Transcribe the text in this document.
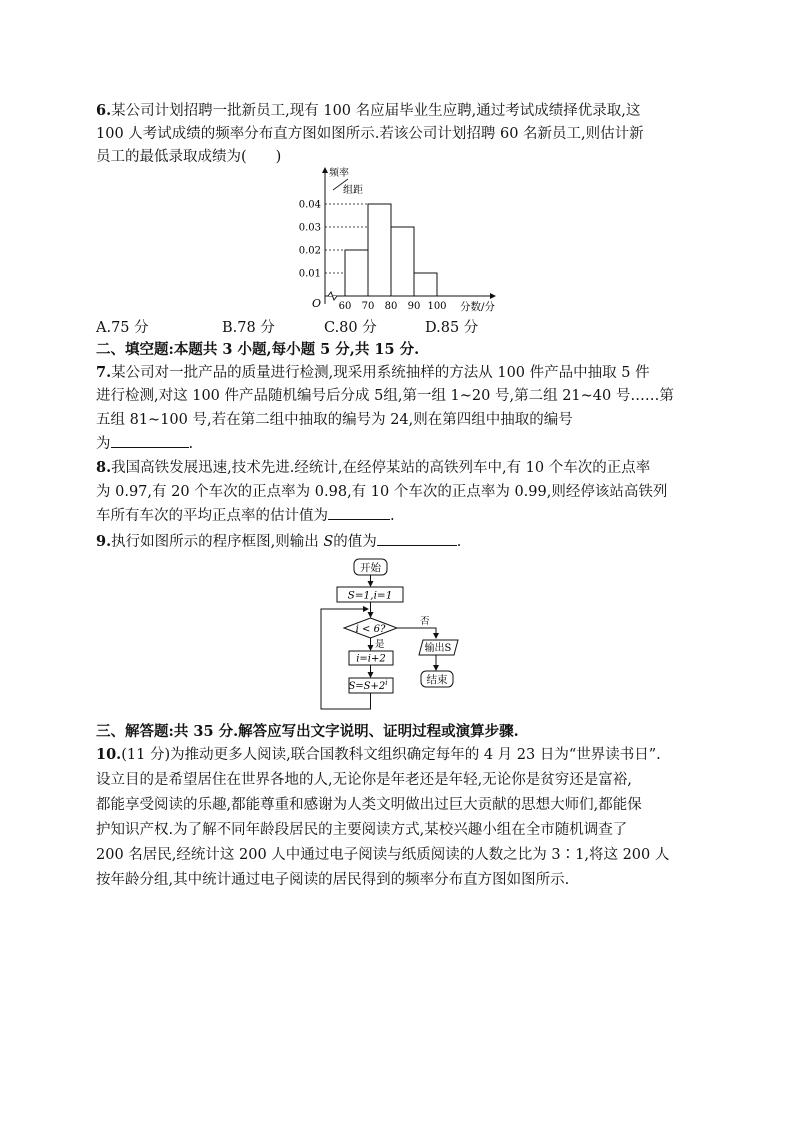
6.某公司计划招聘一批新员工,现有 100 名应届毕业生应聘,通过考试成绩择优录取,这
100 人考试成绩的频率分布直方图如图所示.若该公司计划招聘 60 名新员工,则估计新
员工的最低录取成绩为(　　)
频率
组距
O	分数/分
0.01
0.02
0.03
0.04
60 70 80 90 100
A.75 分	B.78 分	C.80 分	D.85 分
二、填空题:本题共 3 小题,每小题 5 分,共 15 分.
7.某公司对一批产品的质量进行检测,现采用系统抽样的方法从 100 件产品中抽取 5 件
进行检测,对这 100 件产品随机编号后分成 5组,第一组 1~20 号,第二组 21~40 号……第
五组 81~100 号,若在第二组中抽取的编号为 24,则在第四组中抽取的编号
为	.
8.我国高铁发展迅速,技术先进.经统计,在经停某站的高铁列车中,有 10 个车次的正点率
为 0.97,有 20 个车次的正点率为 0.98,有 10 个车次的正点率为 0.99,则经停该站高铁列
车所有车次的平均正点率的估计值为	.
9.执行如图所示的程序框图,则输出 S的值为	.
开始
S=1,i=1
i < 6?
否
输出S
结束
是
i=i+2
$S=S+2^i$
三、解答题:共 35 分.解答应写出文字说明、证明过程或演算步骤.
10.(11 分)为推动更多人阅读,联合国教科文组织确定每年的 4 月 23 日为“世界读书日”.
设立目的是希望居住在世界各地的人,无论你是年老还是年轻,无论你是贫穷还是富裕,
都能享受阅读的乐趣,都能尊重和感谢为人类文明做出过巨大贡献的思想大师们,都能保
护知识产权.为了解不同年龄段居民的主要阅读方式,某校兴趣小组在全市随机调查了
200 名居民,经统计这 200 人中通过电子阅读与纸质阅读的人数之比为 3∶1,将这 200 人
按年龄分组,其中统计通过电子阅读的居民得到的频率分布直方图如图所示.
